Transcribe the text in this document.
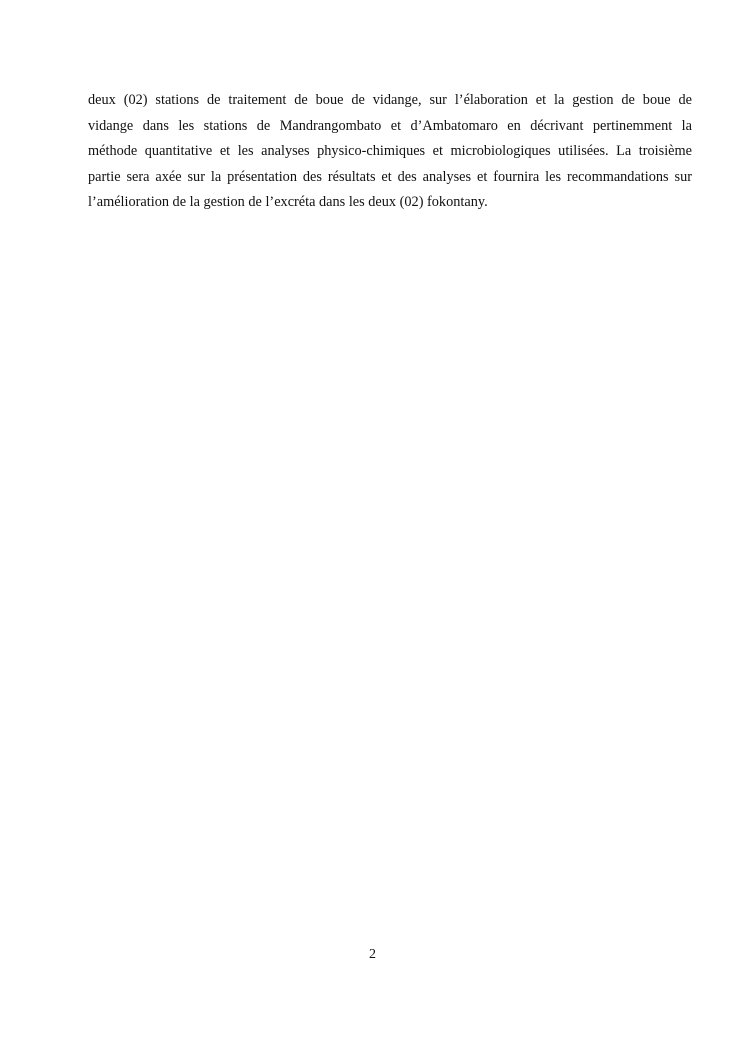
deux (02) stations de traitement de boue de vidange, sur l’élaboration et la gestion de boue de
vidange dans les stations de Mandrangombato et d’Ambatomaro en décrivant pertinemment la
méthode quantitative et les analyses physico-chimiques et microbiologiques utilisées. La troisième
partie sera axée sur la présentation des résultats et des analyses et fournira les recommandations sur
l’amélioration de la gestion de l’excréta dans les deux (02) fokontany.

2
